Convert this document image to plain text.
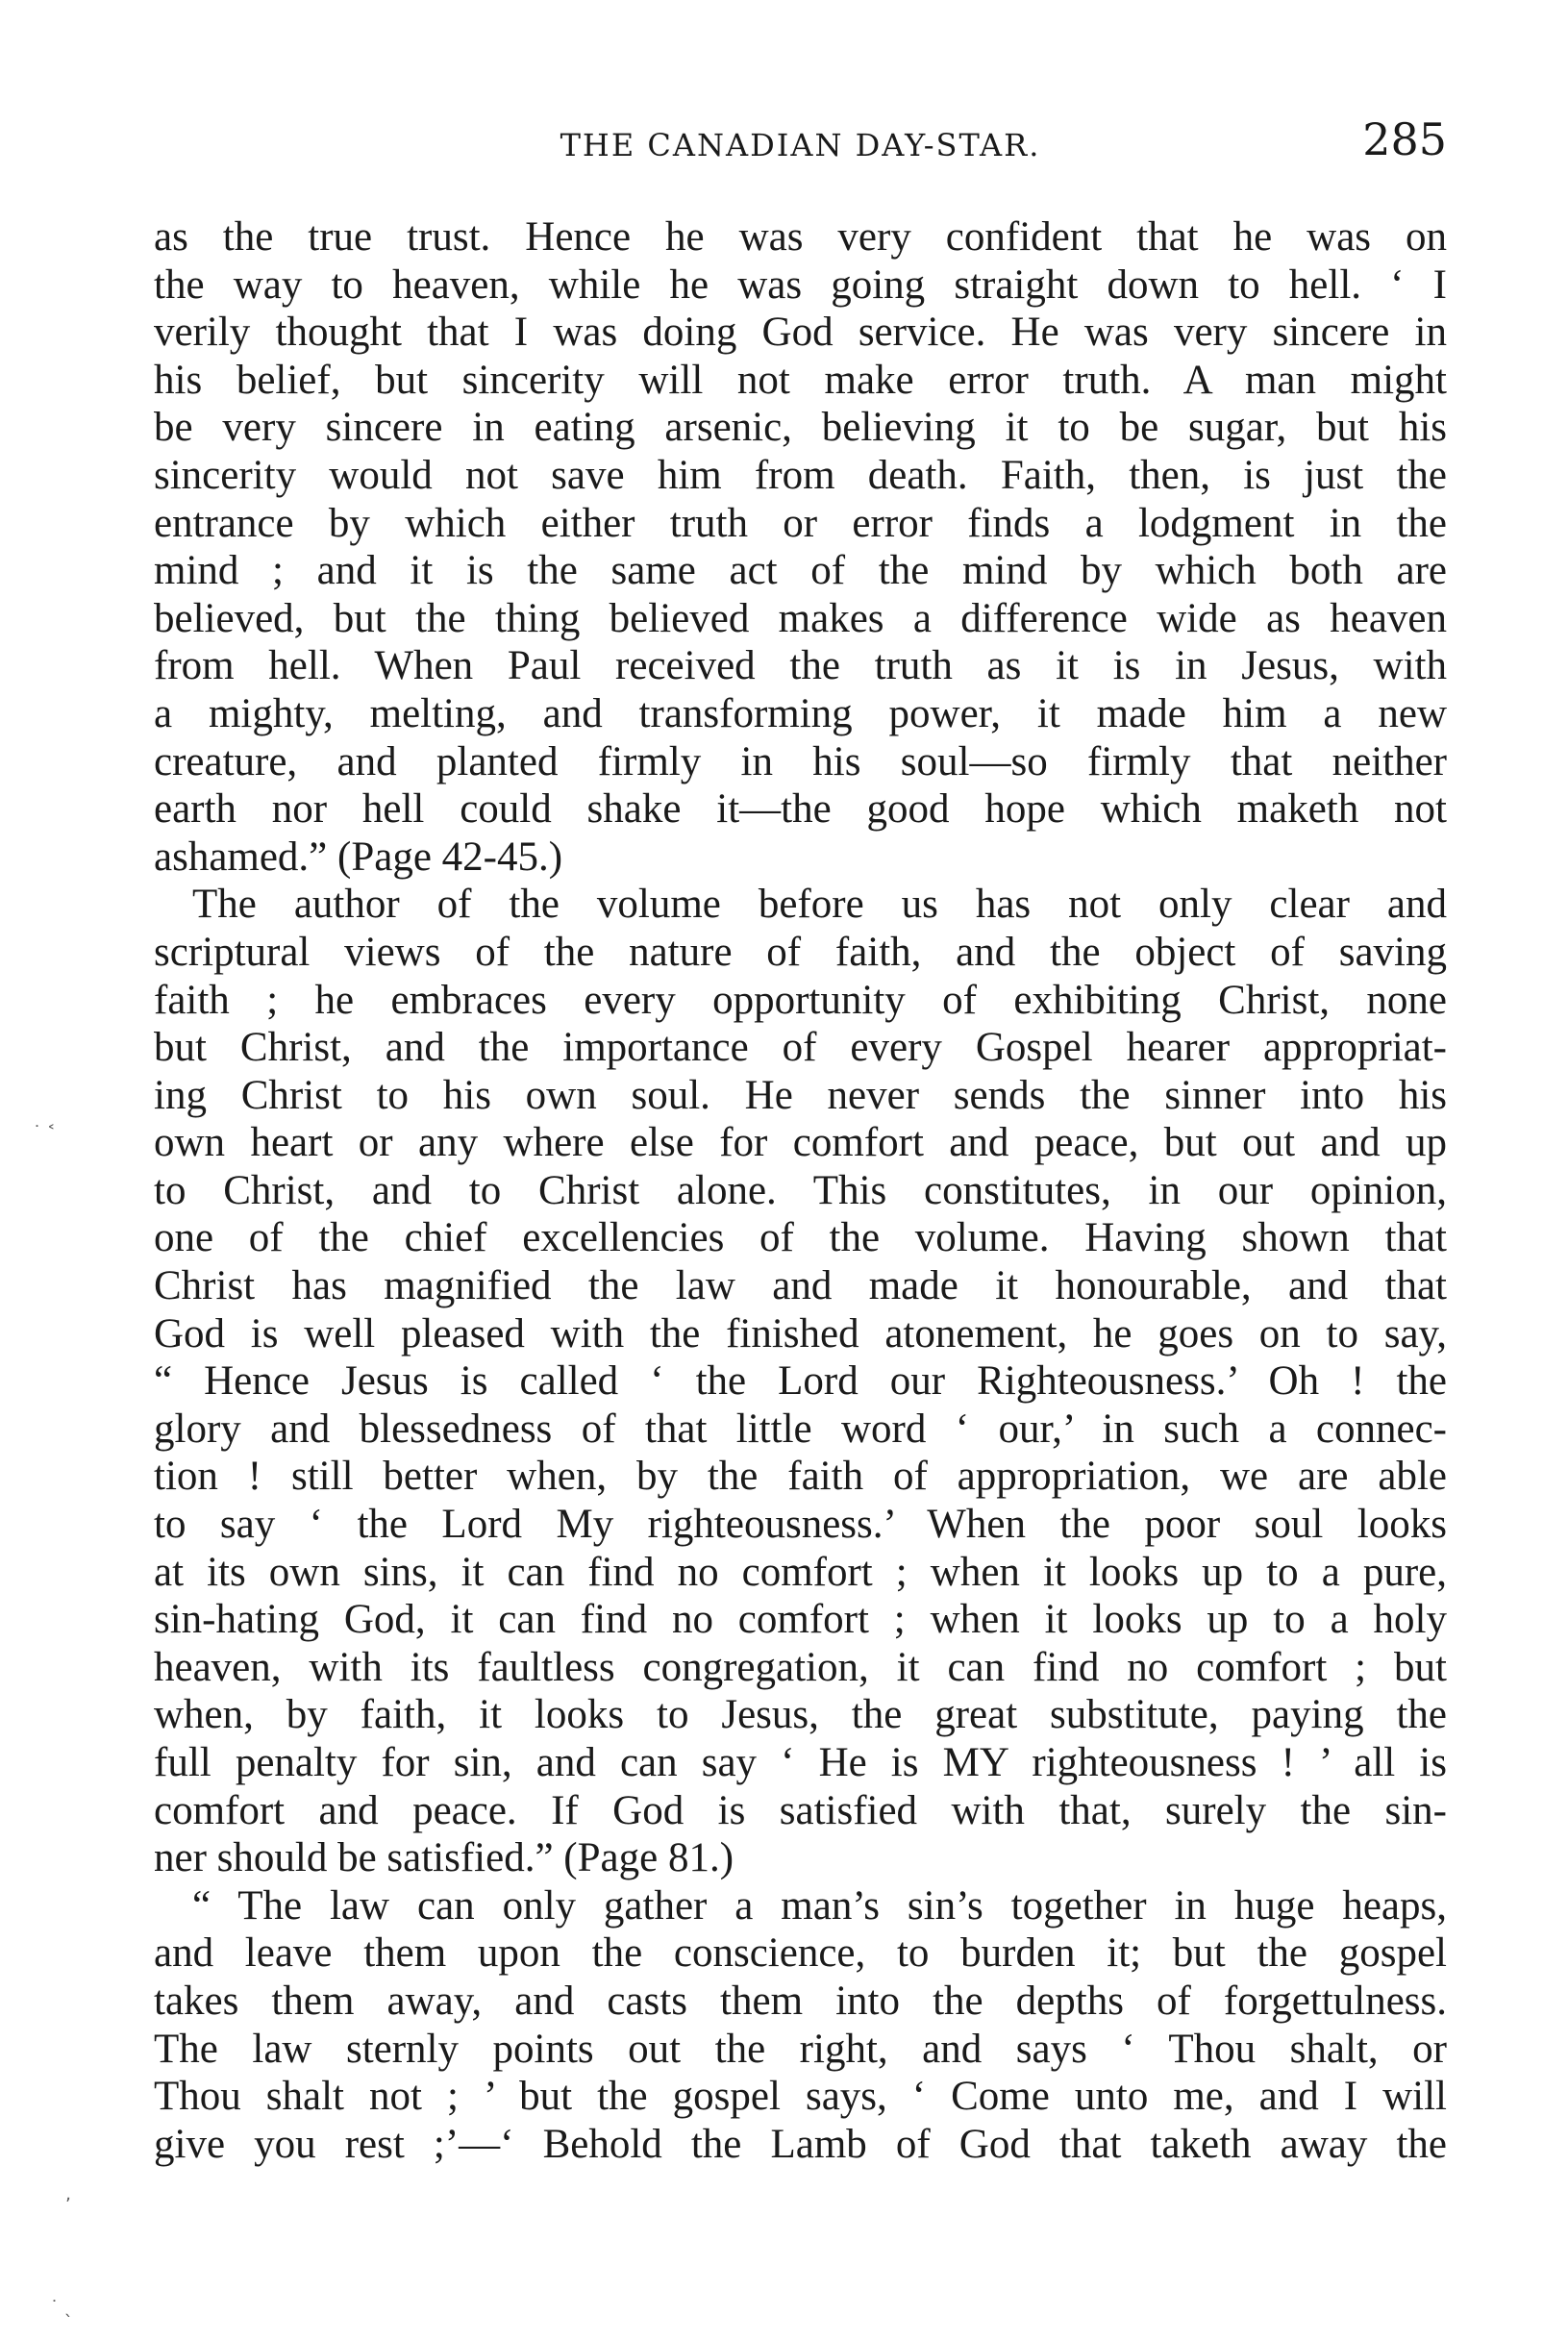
THE CANADIAN DAY-STAR.	285
as the true trust. Hence he was very confident that he was on
the way to heaven, while he was going straight down to hell. ‘ I
verily thought that I was doing God service. He was very sincere in
his belief, but sincerity will not make error truth. A man might
be very sincere in eating arsenic, believing it to be sugar, but his
sincerity would not save him from death. Faith, then, is just the
entrance by which either truth or error finds a lodgment in the
mind ; and it is the same act of the mind by which both are
believed, but the thing believed makes a difference wide as heaven
from hell. When Paul received the truth as it is in Jesus, with
a mighty, melting, and transforming power, it made him a new
creature, and planted firmly in his soul—so firmly that neither
earth nor hell could shake it—the good hope which maketh not
ashamed.” (Page 42-45.)
The author of the volume before us has not only clear and
scriptural views of the nature of faith, and the object of saving
faith ; he embraces every opportunity of exhibiting Christ, none
but Christ, and the importance of every Gospel hearer appropriat-
ing Christ to his own soul. He never sends the sinner into his
own heart or any where else for comfort and peace, but out and up
to Christ, and to Christ alone. This constitutes, in our opinion,
one of the chief excellencies of the volume. Having shown that
Christ has magnified the law and made it honourable, and that
God is well pleased with the finished atonement, he goes on to say,
“ Hence Jesus is called ‘ the Lord our Righteousness.’ Oh ! the
glory and blessedness of that little word ‘ our,’ in such a connec-
tion ! still better when, by the faith of appropriation, we are able
to say ‘ the Lord My righteousness.’ When the poor soul looks
at its own sins, it can find no comfort ; when it looks up to a pure,
sin-hating God, it can find no comfort ; when it looks up to a holy
heaven, with its faultless congregation, it can find no comfort ; but
when, by faith, it looks to Jesus, the great substitute, paying the
full penalty for sin, and can say ‘ He is MY righteousness ! ’ all is
comfort and peace. If God is satisfied with that, surely the sin-
ner should be satisfied.” (Page 81.)
“ The law can only gather a man’s sin’s together in huge heaps,
and leave them upon the conscience, to burden it; but the gospel
takes them away, and casts them into the depths of forgettulness.
The law sternly points out the right, and says ‘ Thou shalt, or
Thou shalt not ; ’ but the gospel says, ‘ Come unto me, and I will
give you rest ;’—‘ Behold the Lamb of God that taketh away the
˙ ˂
‚
˙ ˎ
